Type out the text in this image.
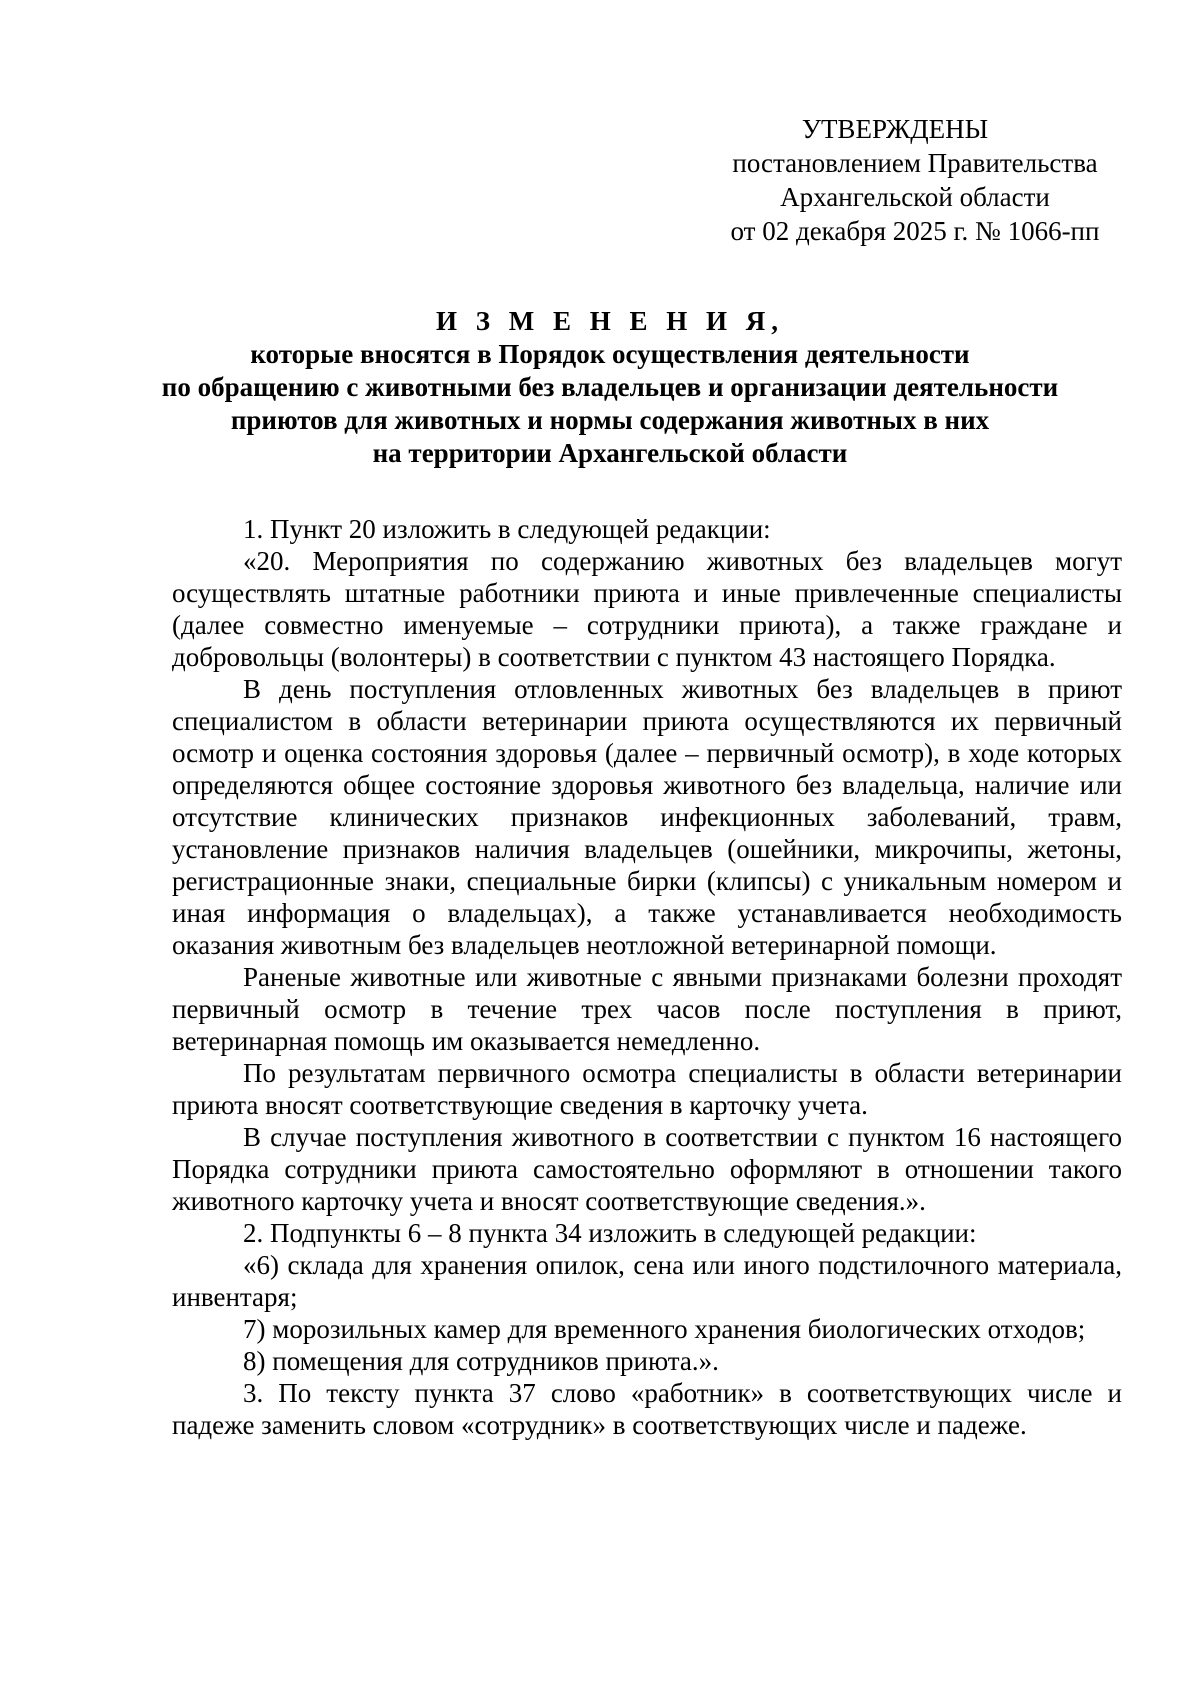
УТВЕРЖДЕНЫ
постановлением Правительства
Архангельской области
от 02 декабря 2025 г. № 1066-пп
И З М Е Н Е Н И Я,
которые вносятся в Порядок осуществления деятельности
по обращению с животными без владельцев и организации деятельности
приютов для животных и нормы содержания животных в них
на территории Архангельской области

1. Пункт 20 изложить в следующей редакции:

«20. Мероприятия по содержанию животных без владельцев могут осуществлять штатные работники приюта и иные привлеченные специалисты (далее совместно именуемые – сотрудники приюта), а также граждане и добровольцы (волонтеры) в соответствии с пунктом 43 настоящего Порядка.

В день поступления отловленных животных без владельцев в приют специалистом в области ветеринарии приюта осуществляются их первичный осмотр и оценка состояния здоровья (далее – первичный осмотр), в ходе которых определяются общее состояние здоровья животного без владельца, наличие или отсутствие клинических признаков инфекционных заболеваний, травм, установление признаков наличия владельцев (ошейники, микрочипы, жетоны, регистрационные знаки, специальные бирки (клипсы) с уникальным номером и иная информация о владельцах), а также устанавливается необходимость оказания животным без владельцев неотложной ветеринарной помощи.

Раненые животные или животные с явными признаками болезни проходят первичный осмотр в течение трех часов после поступления в приют, ветеринарная помощь им оказывается немедленно.

По результатам первичного осмотра специалисты в области ветеринарии приюта вносят соответствующие сведения в карточку учета.

В случае поступления животного в соответствии с пунктом 16 настоящего Порядка сотрудники приюта самостоятельно оформляют в отношении такого животного карточку учета и вносят соответствующие сведения.».

2. Подпункты 6 – 8 пункта 34 изложить в следующей редакции:

«6) склада для хранения опилок, сена или иного подстилочного материала, инвентаря;

7) морозильных камер для временного хранения биологических отходов;

8) помещения для сотрудников приюта.».

3. По тексту пункта 37 слово «работник» в соответствующих числе и падеже заменить словом «сотрудник» в соответствующих числе и падеже.
